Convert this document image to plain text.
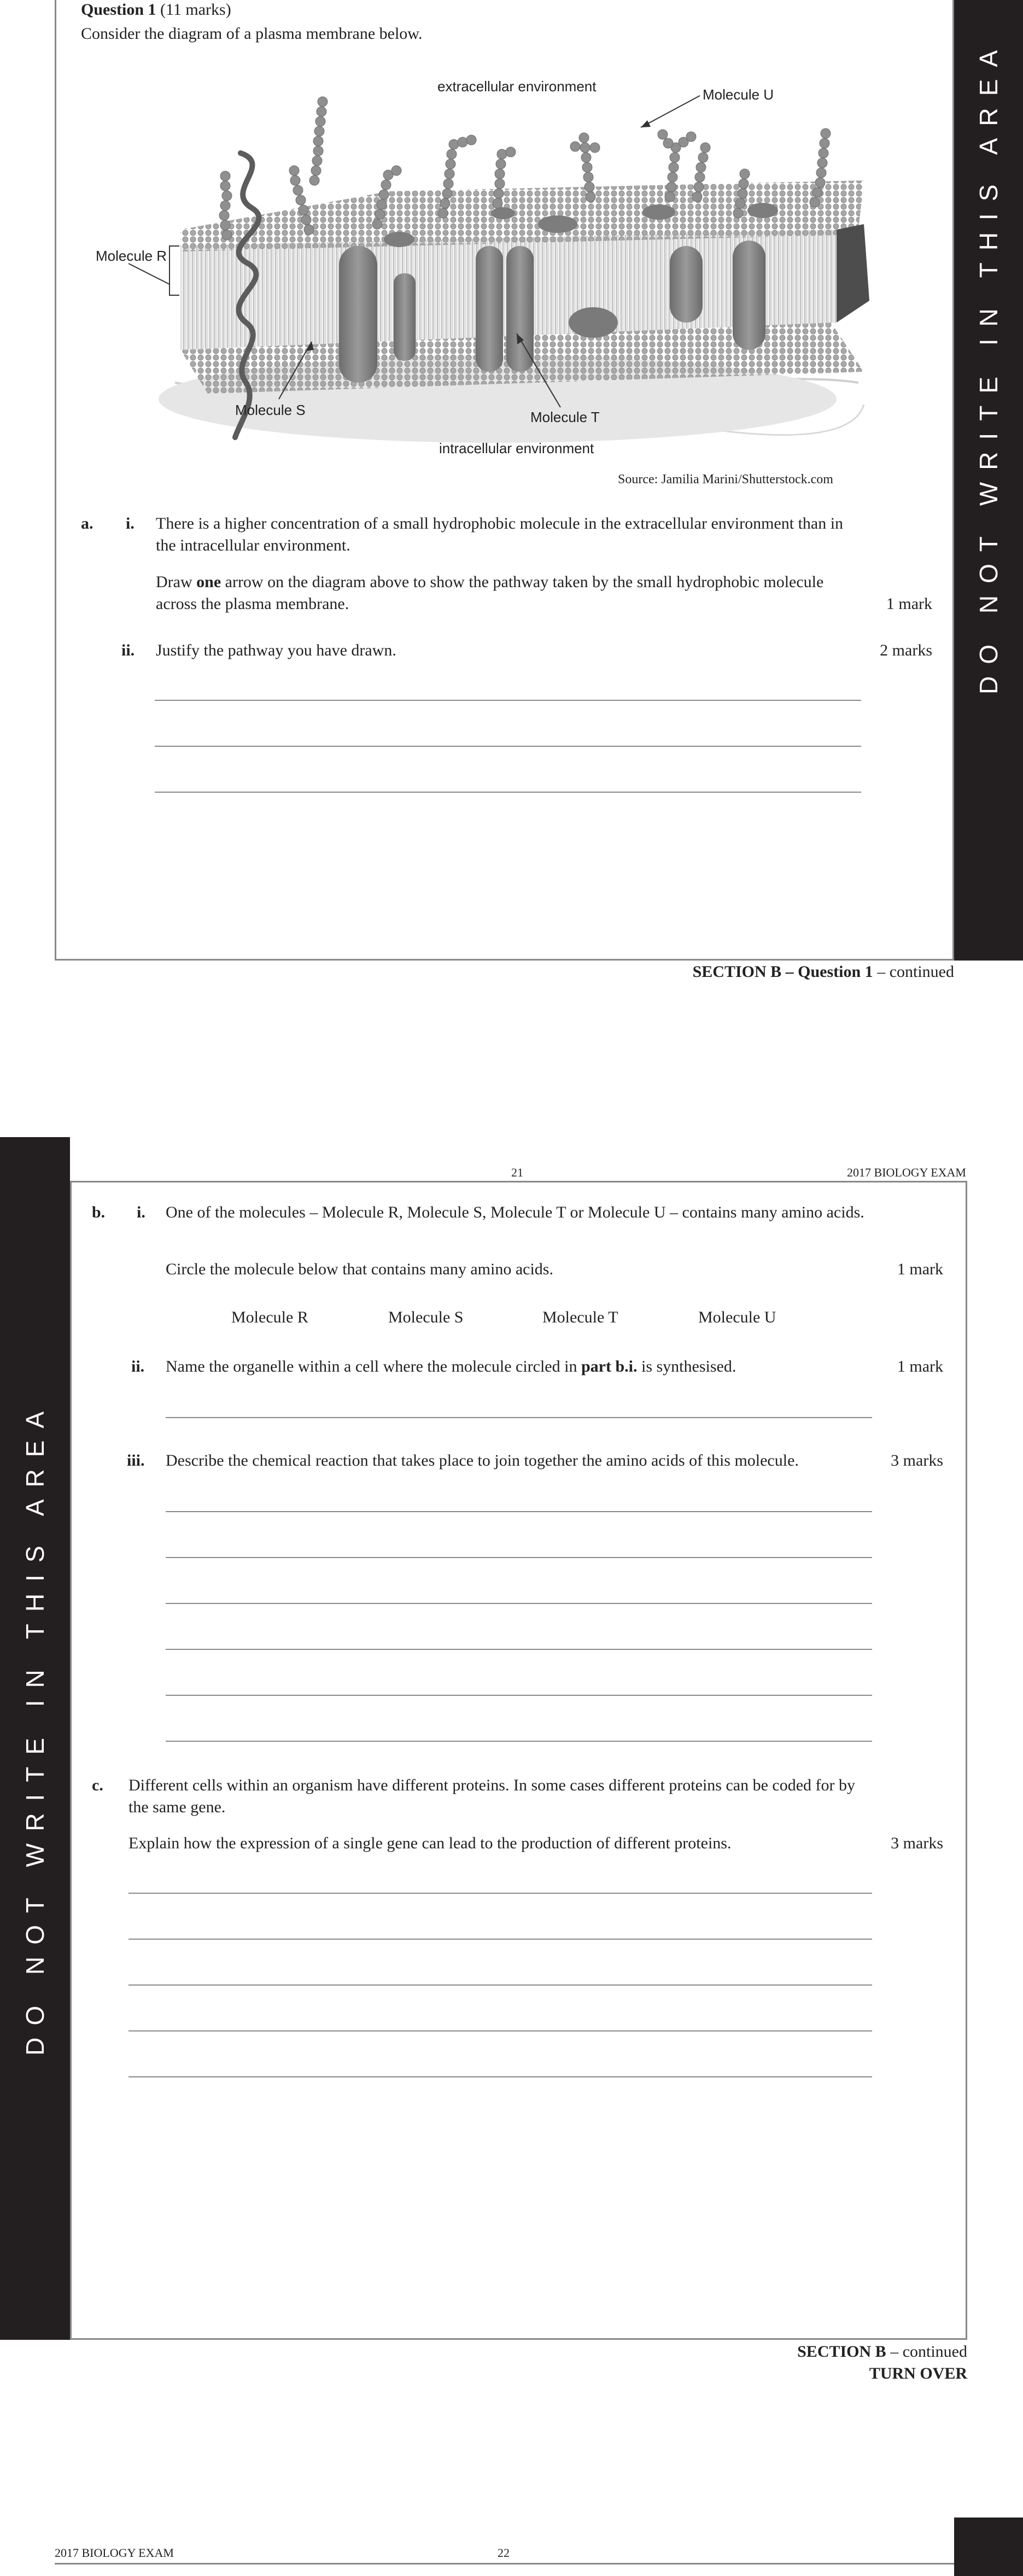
DO NOT WRITE IN THIS AREA
Question 1 (11 marks)
Consider the diagram of a plasma membrane below.
extracellular environment	Molecule U
Molecule R
Molecule S	Molecule T
intracellular environment
Source: Jamilia Marini/Shutterstock.com
a. i. There is a higher concentration of a small hydrophobic molecule in the extracellular environment than in the intracellular environment.
Draw one arrow on the diagram above to show the pathway taken by the small hydrophobic molecule across the plasma membrane.	1 mark
ii. Justify the pathway you have drawn.	2 marks
SECTION B – Question 1 – continued
DO NOT WRITE IN THIS AREA
21	2017 BIOLOGY EXAM
b. i. One of the molecules – Molecule R, Molecule S, Molecule T or Molecule U – contains many amino acids.
Circle the molecule below that contains many amino acids.	1 mark
Molecule R	Molecule S	Molecule T	Molecule U
ii. Name the organelle within a cell where the molecule circled in part b.i. is synthesised.	1 mark
iii. Describe the chemical reaction that takes place to join together the amino acids of this molecule.	3 marks
c. Different cells within an organism have different proteins. In some cases different proteins can be coded for by the same gene.
Explain how the expression of a single gene can lead to the production of different proteins.	3 marks
SECTION B – continued
TURN OVER
2017 BIOLOGY EXAM	22
